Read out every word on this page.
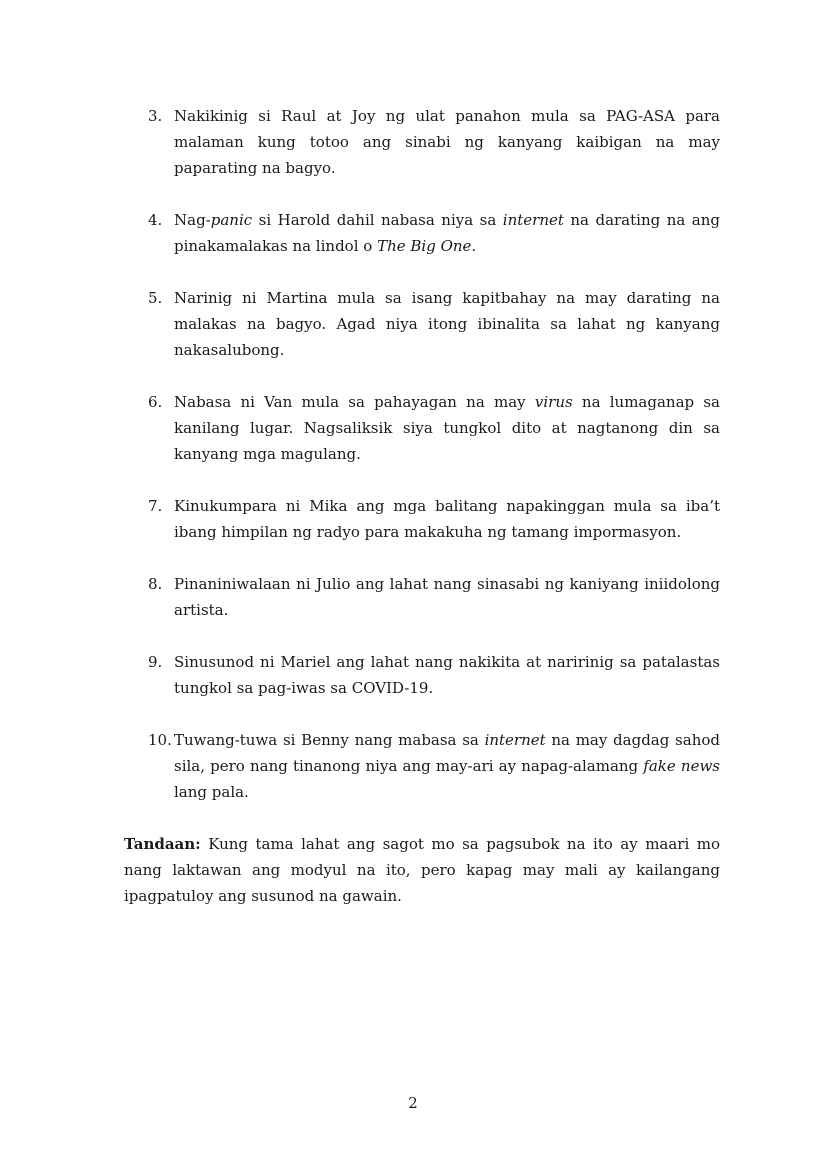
3. Nakikinig si Raul at Joy ng ulat panahon mula sa PAG-ASA para malaman kung totoo ang sinabi ng kanyang kaibigan na may paparating na bagyo.
4. Nag-panic si Harold dahil nabasa niya sa internet na darating na ang pinakamalakas na lindol o The Big One.
5. Narinig ni Martina mula sa isang kapitbahay na may darating na malakas na bagyo. Agad niya itong ibinalita sa lahat ng kanyang nakasalubong.
6. Nabasa ni Van mula sa pahayagan na may virus na lumaganap sa kanilang lugar. Nagsaliksik siya tungkol dito at nagtanong din sa kanyang mga magulang.
7. Kinukumpara ni Mika ang mga balitang napakinggan mula sa iba’t ibang himpilan ng radyo para makakuha ng tamang impormasyon.
8. Pinaniniwalaan ni Julio ang lahat nang sinasabi ng kaniyang iniidolong artista.
9. Sinusunod ni Mariel ang lahat nang nakikita at naririnig sa patalastas tungkol sa pag-iwas sa COVID-19.
10. Tuwang-tuwa si Benny nang mabasa sa internet na may dagdag sahod sila, pero nang tinanong niya ang may-ari ay napag-alamang fake news lang pala.

Tandaan: Kung tama lahat ang sagot mo sa pagsubok na ito ay maari mo nang laktawan ang modyul na ito, pero kapag may mali ay kailangang ipagpatuloy ang susunod na gawain.

2
